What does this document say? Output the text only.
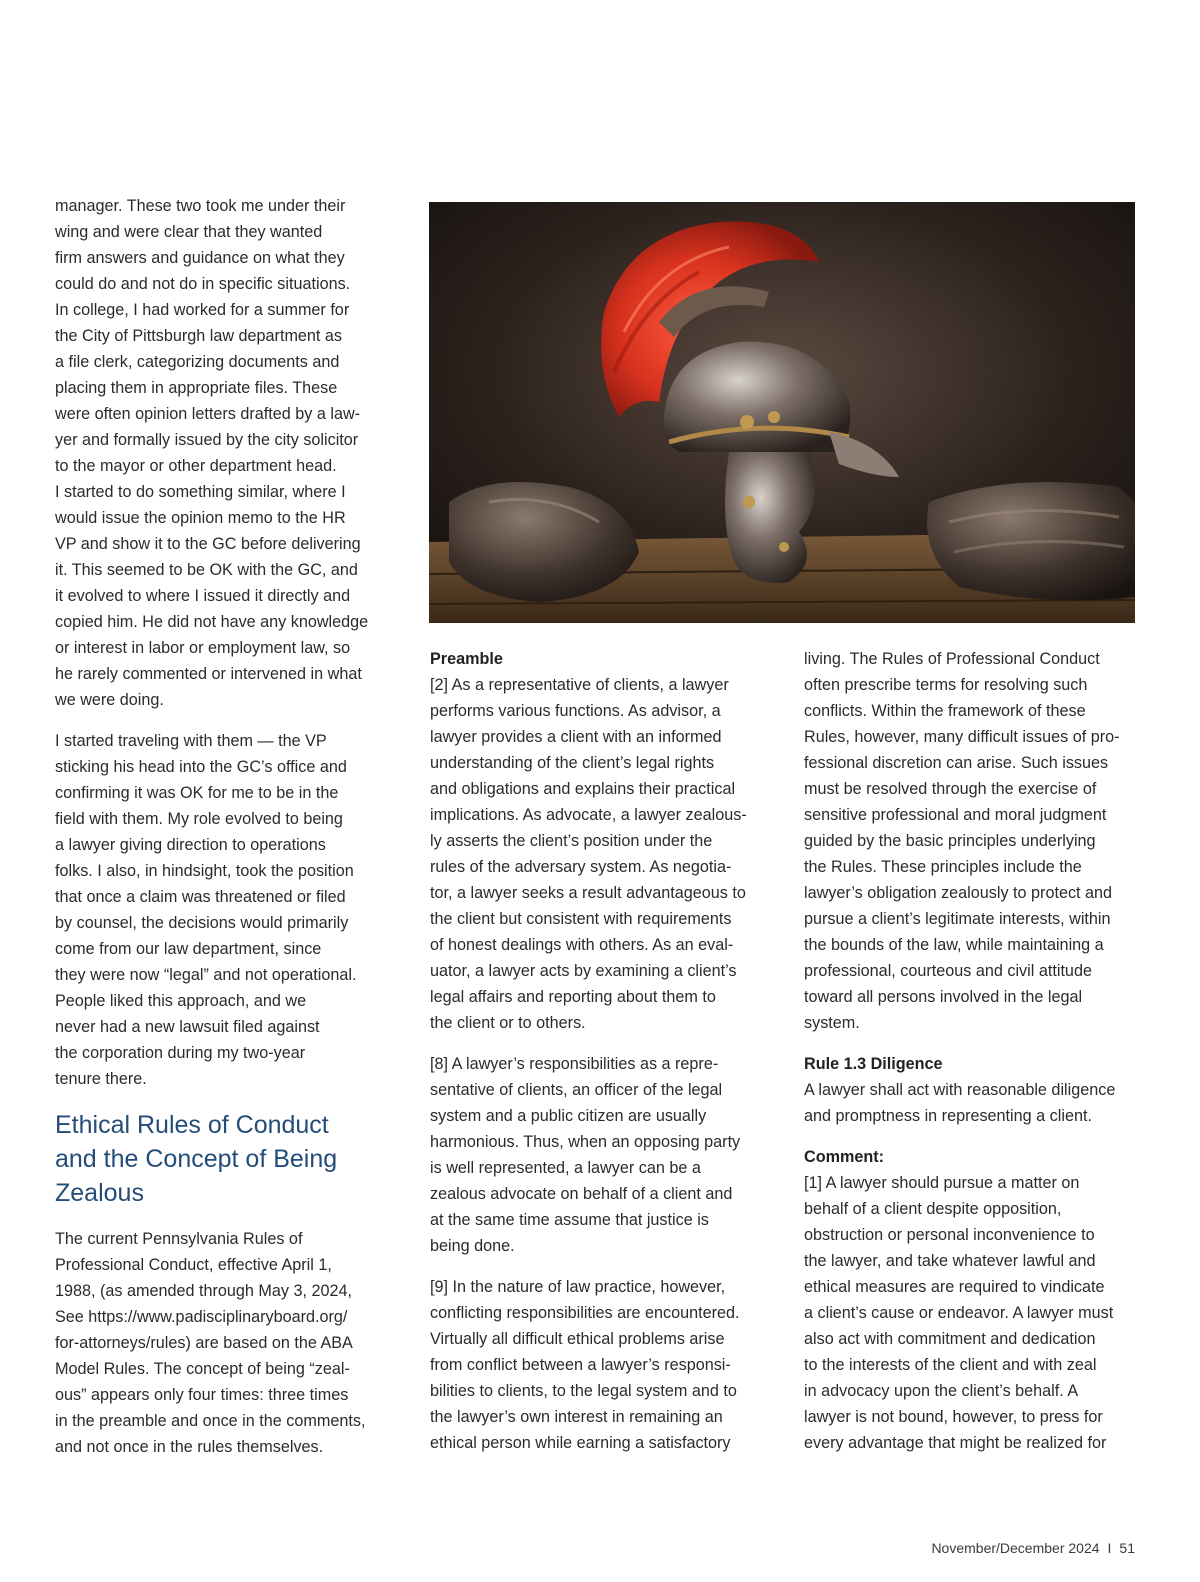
manager. These two took me under their
wing and were clear that they wanted
firm answers and guidance on what they
could do and not do in specific situations.
In college, I had worked for a summer for
the City of Pittsburgh law department as
a file clerk, categorizing documents and
placing them in appropriate files. These
were often opinion letters drafted by a law-
yer and formally issued by the city solicitor
to the mayor or other department head.
I started to do something similar, where I
would issue the opinion memo to the HR
VP and show it to the GC before delivering
it. This seemed to be OK with the GC, and
it evolved to where I issued it directly and
copied him. He did not have any knowledge
or interest in labor or employment law, so
he rarely commented or intervened in what
we were doing.

I started traveling with them — the VP
sticking his head into the GC’s office and
confirming it was OK for me to be in the
field with them. My role evolved to being
a lawyer giving direction to operations
folks. I also, in hindsight, took the position
that once a claim was threatened or filed
by counsel, the decisions would primarily
come from our law department, since
they were now “legal” and not operational.
People liked this approach, and we
never had a new lawsuit filed against
the corporation during my two-year
tenure there.

Ethical Rules of Conduct
and the Concept of Being
Zealous

The current Pennsylvania Rules of
Professional Conduct, effective April 1,
1988, (as amended through May 3, 2024,
See https://www.padisciplinaryboard.org/
for-attorneys/rules) are based on the ABA
Model Rules. The concept of being “zeal-
ous” appears only four times: three times
in the preamble and once in the comments,
and not once in the rules themselves.

Preamble
[2] As a representative of clients, a lawyer
performs various functions. As advisor, a
lawyer provides a client with an informed
understanding of the client’s legal rights
and obligations and explains their practical
implications. As advocate, a lawyer zealous-
ly asserts the client’s position under the
rules of the adversary system. As negotia-
tor, a lawyer seeks a result advantageous to
the client but consistent with requirements
of honest dealings with others. As an eval-
uator, a lawyer acts by examining a client’s
legal affairs and reporting about them to
the client or to others.

[8] A lawyer’s responsibilities as a repre-
sentative of clients, an officer of the legal
system and a public citizen are usually
harmonious. Thus, when an opposing party
is well represented, a lawyer can be a
zealous advocate on behalf of a client and
at the same time assume that justice is
being done.

[9] In the nature of law practice, however,
conflicting responsibilities are encountered.
Virtually all difficult ethical problems arise
from conflict between a lawyer’s responsi-
bilities to clients, to the legal system and to
the lawyer’s own interest in remaining an
ethical person while earning a satisfactory

living. The Rules of Professional Conduct
often prescribe terms for resolving such
conflicts. Within the framework of these
Rules, however, many difficult issues of pro-
fessional discretion can arise. Such issues
must be resolved through the exercise of
sensitive professional and moral judgment
guided by the basic principles underlying
the Rules. These principles include the
lawyer’s obligation zealously to protect and
pursue a client’s legitimate interests, within
the bounds of the law, while maintaining a
professional, courteous and civil attitude
toward all persons involved in the legal
system.

Rule 1.3 Diligence
A lawyer shall act with reasonable diligence
and promptness in representing a client.

Comment:
[1] A lawyer should pursue a matter on
behalf of a client despite opposition,
obstruction or personal inconvenience to
the lawyer, and take whatever lawful and
ethical measures are required to vindicate
a client’s cause or endeavor. A lawyer must
also act with commitment and dedication
to the interests of the client and with zeal
in advocacy upon the client’s behalf. A
lawyer is not bound, however, to press for
every advantage that might be realized for

November/December 2024 I 51
